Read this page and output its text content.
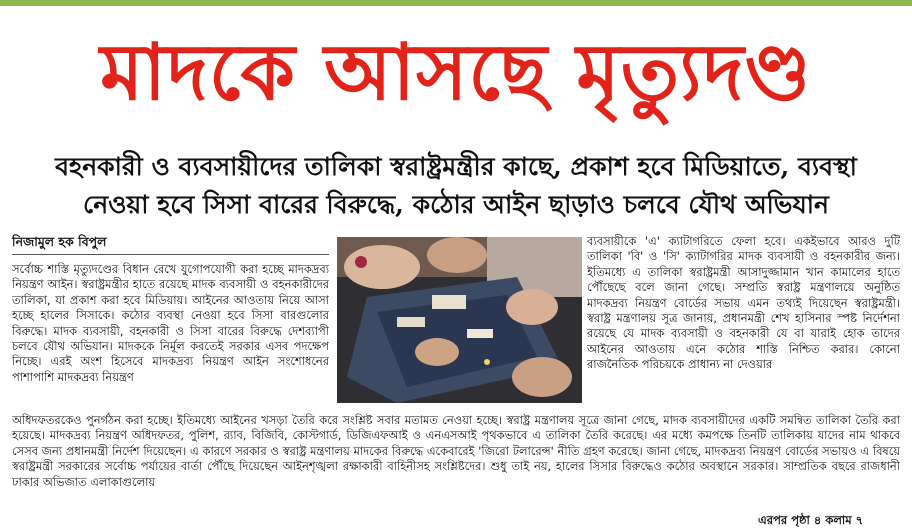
মাদকে আসছে মৃত্যুদণ্ড
বহনকারী ও ব্যবসায়ীদের তালিকা স্বরাষ্ট্রমন্ত্রীর কাছে, প্রকাশ হবে মিডিয়াতে, ব্যবস্থা
নেওয়া হবে সিসা বারের বিরুদ্ধে, কঠোর আইন ছাড়াও চলবে যৌথ অভিযান
নিজামুল হক বিপুল

সর্বোচ্চ শাস্তি মৃত্যুদণ্ডের বিধান রেখে যুগোপযোগী করা হচ্ছে মাদকদ্রব্য নিয়ন্ত্রণ আইন। স্বরাষ্ট্রমন্ত্রীর হাতে রয়েছে মাদক ব্যবসায়ী ও বহনকারীদের তালিকা, যা প্রকাশ করা হবে মিডিয়ায়। আইনের আওতায় নিয়ে আসা হচ্ছে হালের সিসাকে। কঠোর ব্যবস্থা নেওয়া হবে সিসা বারগুলোর বিরুদ্ধে। মাদক ব্যবসায়ী, বহনকারী ও সিসা বারের বিরুদ্ধে দেশব্যাপী চলবে যৌথ অভিযান। মাদককে নির্মূল করতেই সরকার এসব পদক্ষেপ নিচ্ছে। এরই অংশ হিসেবে মাদকদ্রব্য নিয়ন্ত্রণ আইন সংশোধনের পাশাপাশি মাদকদ্রব্য নিয়ন্ত্রণ

ব্যবসায়ীকে 'এ' ক্যাটাগরিতে ফেলা হবে। একইভাবে আরও দুটি তালিকা 'বি' ও 'সি' ক্যাটাগরির মাদক ব্যবসায়ী ও বহনকারীর জন্য। ইতিমধ্যে এ তালিকা স্বরাষ্ট্রমন্ত্রী আসাদুজ্জামান খান কামালের হাতে পৌঁছেছে বলে জানা গেছে। সম্প্রতি স্বরাষ্ট্র মন্ত্রণালয়ে অনুষ্ঠিত মাদকদ্রব্য নিয়ন্ত্রণ বোর্ডের সভায় এমন তথ্যই দিয়েছেন স্বরাষ্ট্রমন্ত্রী। স্বরাষ্ট্র মন্ত্রণালয় সূত্র জানায়, প্রধানমন্ত্রী শেখ হাসিনার স্পষ্ট নির্দেশনা রয়েছে যে মাদক ব্যবসায়ী ও বহনকারী যে বা যারাই হোক তাদের আইনের আওতায় এনে কঠোর শাস্তি নিশ্চিত করার। কোনো রাজনৈতিক পরিচয়কে প্রাধান্য না দেওয়ার

অধিদফতরকেও পুনর্গঠন করা হচ্ছে। ইতিমধ্যে আইনের খসড়া তৈরি করে সংশ্লিষ্ট সবার মতামত নেওয়া হচ্ছে। স্বরাষ্ট্র মন্ত্রণালয় সূত্রে জানা গেছে, মাদক ব্যবসায়ীদের একটি সমন্বিত তালিকা তৈরি করা হয়েছে। মাদকদ্রব্য নিয়ন্ত্রণ অধিদফতর, পুলিশ, র‌্যাব, বিজিবি, কোস্টগার্ড, ডিজিএফআই ও এনএসআই পৃথকভাবে এ তালিকা তৈরি করেছে। এর মধ্যে কমপক্ষে তিনটি তালিকায় যাদের নাম থাকবে সেসব জন্য প্রধানমন্ত্রী নির্দেশ দিয়েছেন। এ কারণে সরকার ও স্বরাষ্ট্র মন্ত্রণালয় মাদকের বিরুদ্ধে একেবারেই 'জিরো টলারেন্স' নীতি গ্রহণ করেছে। জানা গেছে, মাদকদ্রব্য নিয়ন্ত্রণ বোর্ডের সভায়ও এ বিষয়ে স্বরাষ্ট্রমন্ত্রী সরকারের সর্বোচ্চ পর্যায়ের বার্তা পৌঁছে দিয়েছেন আইনশৃঙ্খলা রক্ষাকারী বাহিনীসহ সংশ্লিষ্টদের। শুধু তাই নয়, হালের সিসার বিরুদ্ধেও কঠোর অবস্থানে সরকার। সাম্প্রতিক বছরে রাজধানী ঢাকার অভিজাত এলাকাগুলোয়

এরপর পৃষ্ঠা ৪ কলাম ৭
